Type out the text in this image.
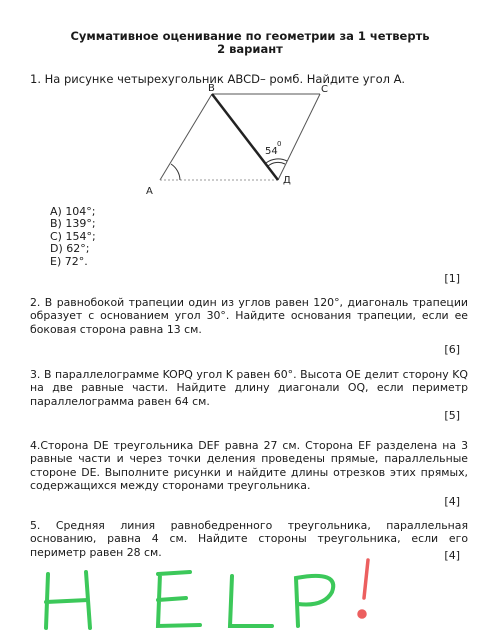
Суммативное оценивание по геометрии за 1 четверть
2 вариант
1. На рисунке четырехугольник ABCD– ромб. Найдите угол A.
A
B	C
Д
54
0
A) 104°;
B) 139°;
C) 154°;
D) 62°;
E) 72°.
[1]
2. В равнобокой трапеции один из углов равен 120°, диагональ трапеции образует с основанием угол 30°. Найдите основания трапеции, если ее боковая сторона равна 13 см.
[6]
3. В параллелограмме KOPQ угол K равен 60°. Высота OE делит сторону KQ на две равные части. Найдите длину диагонали OQ, если периметр параллелограмма равен 64 см.
[5]
4.Сторона DE треугольника DEF равна 27 см. Сторона EF разделена на 3 равные части и через точки деления проведены прямые, параллельные стороне DE. Выполните рисунки и найдите длины отрезков этих прямых, содержащихся между сторонами треугольника.
[4]
5. Средняя линия равнобедренного треугольника, параллельная основанию, равна 4 см. Найдите стороны треугольника, если его периметр равен 28 см.	[4]
